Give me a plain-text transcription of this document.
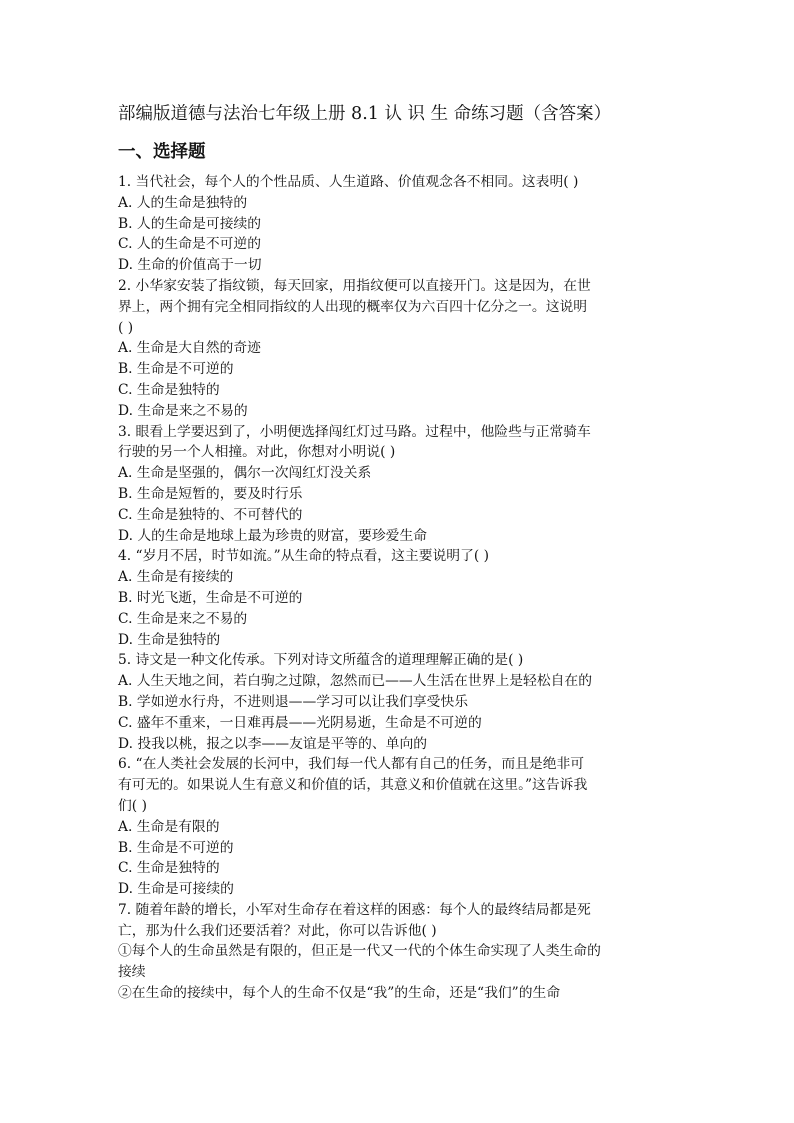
部编版道德与法治七年级上册 8.1 认 识 生 命练习题（含答案）
一、选择题
1. 当代社会，每个人的个性品质、人生道路、价值观念各不相同。这表明( )
A. 人的生命是独特的
B. 人的生命是可接续的
C. 人的生命是不可逆的
D. 生命的价值高于一切
2. 小华家安装了指纹锁，每天回家，用指纹便可以直接开门。这是因为，在世
界上，两个拥有完全相同指纹的人出现的概率仅为六百四十亿分之一。这说明
( )
A. 生命是大自然的奇迹
B. 生命是不可逆的
C. 生命是独特的
D. 生命是来之不易的
3. 眼看上学要迟到了，小明便选择闯红灯过马路。过程中，他险些与正常骑车
行驶的另一个人相撞。对此，你想对小明说( )
A. 生命是坚强的，偶尔一次闯红灯没关系
B. 生命是短暂的，要及时行乐
C. 生命是独特的、不可替代的
D. 人的生命是地球上最为珍贵的财富，要珍爱生命
4. “岁月不居，时节如流。”从生命的特点看，这主要说明了( )
A. 生命是有接续的
B. 时光飞逝，生命是不可逆的
C. 生命是来之不易的
D. 生命是独特的
5. 诗文是一种文化传承。下列对诗文所蕴含的道理理解正确的是( )
A. 人生天地之间，若白驹之过隙，忽然而已——人生活在世界上是轻松自在的
B. 学如逆水行舟，不进则退——学习可以让我们享受快乐
C. 盛年不重来，一日难再晨——光阴易逝，生命是不可逆的
D. 投我以桃，报之以李——友谊是平等的、单向的
6. “在人类社会发展的长河中，我们每一代人都有自己的任务，而且是绝非可
有可无的。如果说人生有意义和价值的话，其意义和价值就在这里。”这告诉我
们( )
A. 生命是有限的
B. 生命是不可逆的
C. 生命是独特的
D. 生命是可接续的
7. 随着年龄的增长，小军对生命存在着这样的困惑：每个人的最终结局都是死
亡，那为什么我们还要活着？对此，你可以告诉他( )
①每个人的生命虽然是有限的，但正是一代又一代的个体生命实现了人类生命的
接续
②在生命的接续中，每个人的生命不仅是“我”的生命，还是“我们”的生命
